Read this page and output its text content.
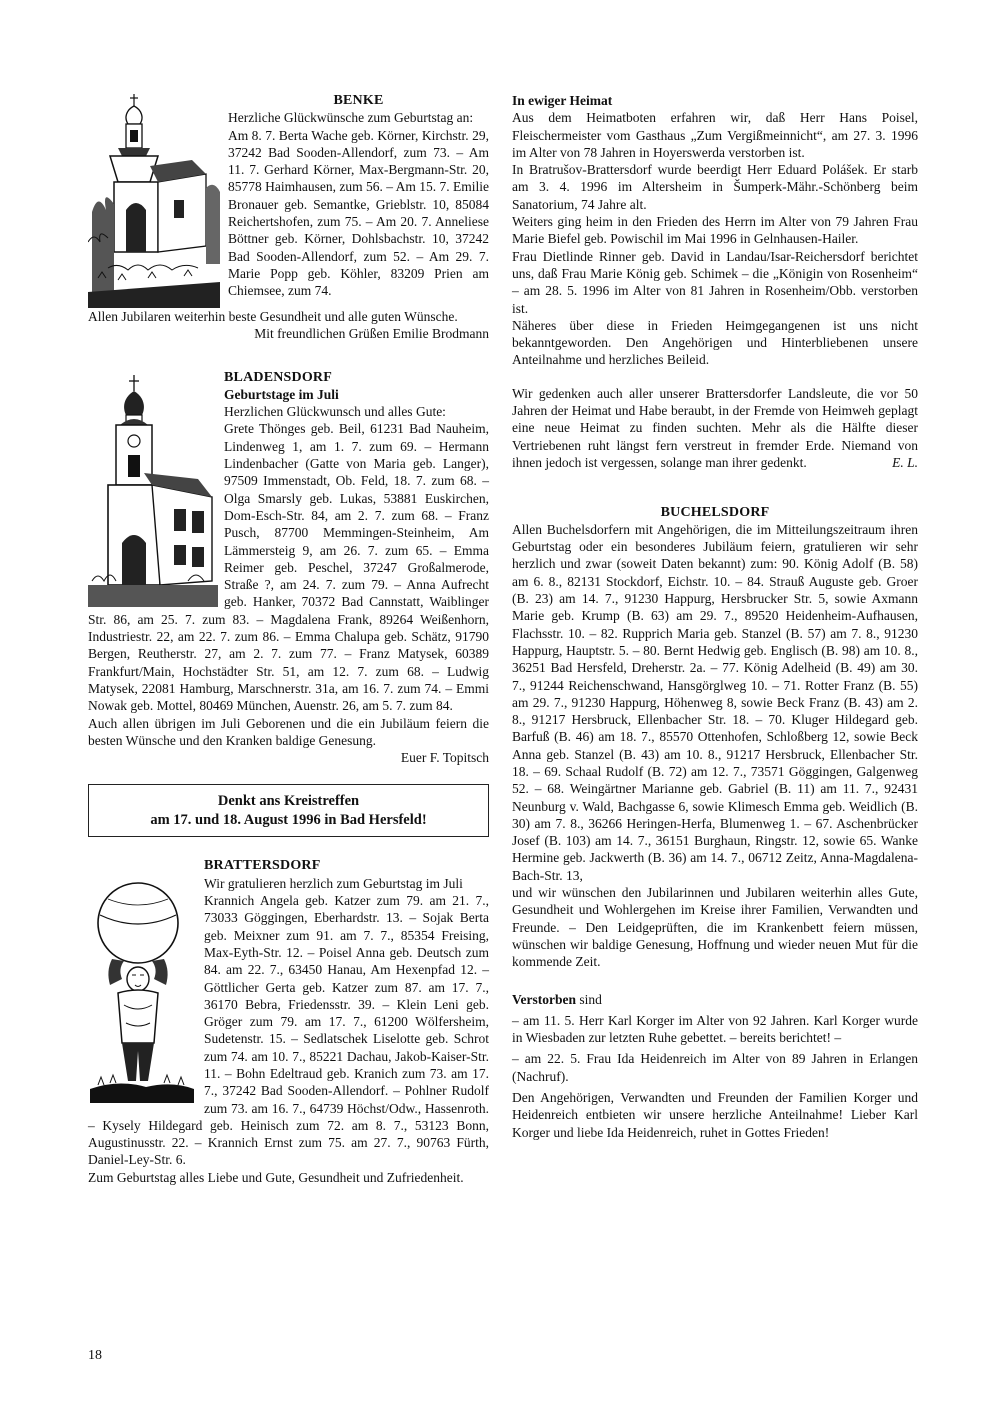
BENKE

Herzliche Glückwünsche zum Geburtstag an:

Am 8. 7. Berta Wache geb. Körner, Kirchstr. 29, 37242 Bad Sooden-Allendorf, zum 73. – Am 11. 7. Gerhard Körner, Max-Bergmann-Str. 20, 85778 Haimhausen, zum 56. – Am 15. 7. Emilie Bronauer geb. Semantke, Grieblstr. 10, 85084 Reichertshofen, zum 75. – Am 20. 7. Anneliese Böttner geb. Körner, Dohlsbachstr. 10, 37242 Bad Sooden-Allendorf, zum 52. – Am 29. 7. Marie Popp geb. Köhler, 83209 Prien am Chiemsee, zum 74.

Allen Jubilaren weiterhin beste Gesundheit und alle guten Wünsche.

Mit freundlichen Grüßen Emilie Brodmann

BLADENSDORF

Geburtstage im Juli

Herzlichen Glückwunsch und alles Gute:

Grete Thönges geb. Beil, 61231 Bad Nauheim, Lindenweg 1, am 1. 7. zum 69. – Hermann Lindenbacher (Gatte von Maria geb. Langer), 97509 Immenstadt, Ob. Feld, 18. 7. zum 68. – Olga Smarsly geb. Lukas, 53881 Euskirchen, Dom-Esch-Str. 84, am 2. 7. zum 68. – Franz Pusch, 87700 Memmingen-Steinheim, Am Lämmersteig 9, am 26. 7. zum 65. – Emma Reimer geb. Peschel, 37247 Großalmerode, Straße ?, am 24. 7. zum 79. – Anna Aufrecht geb. Hanker, 70372 Bad Cannstatt, Waiblinger Str. 86, am 25. 7. zum 83. – Magdalena Frank, 89264 Weißenhorn, Industriestr. 22, am 22. 7. zum 86. – Emma Chalupa geb. Schätz, 91790 Bergen, Reutherstr. 27, am 2. 7. zum 77. – Franz Matysek, 60389 Frankfurt/Main, Hochstädter Str. 51, am 12. 7. zum 68. – Ludwig Matysek, 22081 Hamburg, Marschnerstr. 31a, am 16. 7. zum 74. – Emmi Nowak geb. Mottel, 80469 München, Auenstr. 26, am 5. 7. zum 84.

Auch allen übrigen im Juli Geborenen und die ein Jubiläum feiern die besten Wünsche und den Kranken baldige Genesung.

Euer F. Topitsch

Denkt ans Kreistreffen
am 17. und 18. August 1996 in Bad Hersfeld!

BRATTERSDORF

Wir gratulieren herzlich zum Geburtstag im Juli

Krannich Angela geb. Katzer zum 79. am 21. 7., 73033 Göggingen, Eberhardstr. 13. – Sojak Berta geb. Meixner zum 91. am 7. 7., 85354 Freising, Max-Eyth-Str. 12. – Poisel Anna geb. Deutsch zum 84. am 22. 7., 63450 Hanau, Am Hexenpfad 12. – Göttlicher Gerta geb. Katzer zum 87. am 17. 7., 36170 Bebra, Friedensstr. 39. – Klein Leni geb. Gröger zum 79. am 17. 7., 61200 Wölfersheim, Sudetenstr. 15. – Sedlatschek Liselotte geb. Schrot zum 74. am 10. 7., 85221 Dachau, Jakob-Kaiser-Str. 11. – Bohn Edeltraud geb. Kranich zum 73. am 17. 7., 37242 Bad Sooden-Allendorf. – Pohlner Rudolf zum 73. am 16. 7., 64739 Höchst/Odw., Hassenroth. – Kysely Hildegard geb. Heinisch zum 72. am 8. 7., 53123 Bonn, Augustinusstr. 22. – Krannich Ernst zum 75. am 27. 7., 90763 Fürth, Daniel-Ley-Str. 6.

Zum Geburtstag alles Liebe und Gute, Gesundheit und Zufriedenheit.

In ewiger Heimat

Aus dem Heimatboten erfahren wir, daß Herr Hans Poisel, Fleischermeister vom Gasthaus „Zum Vergißmeinnicht“, am 27. 3. 1996 im Alter von 78 Jahren in Hoyerswerda verstorben ist.

In Bratrušov-Brattersdorf wurde beerdigt Herr Eduard Polášek. Er starb am 3. 4. 1996 im Altersheim in Šumperk-Mähr.-Schönberg beim Sanatorium, 74 Jahre alt.

Weiters ging heim in den Frieden des Herrn im Alter von 79 Jahren Frau Marie Biefel geb. Powischil im Mai 1996 in Gelnhausen-Hailer.

Frau Dietlinde Rinner geb. David in Landau/Isar-Reichersdorf berichtet uns, daß Frau Marie König geb. Schimek – die „Königin von Rosenheim“ – am 28. 5. 1996 im Alter von 81 Jahren in Rosenheim/Obb. verstorben ist.

Näheres über diese in Frieden Heimgegangenen ist uns nicht bekanntgeworden. Den Angehörigen und Hinterbliebenen unsere Anteilnahme und herzliches Beileid.

Wir gedenken auch aller unserer Brattersdorfer Landsleute, die vor 50 Jahren der Heimat und Habe beraubt, in der Fremde von Heimweh geplagt eine neue Heimat zu finden suchten. Mehr als die Hälfte dieser Vertriebenen ruht längst fern verstreut in fremder Erde. Niemand von ihnen jedoch ist vergessen, solange man ihrer gedenkt.	E. L.

BUCHELSDORF

Allen Buchelsdorfern mit Angehörigen, die im Mitteilungszeitraum ihren Geburtstag oder ein besonderes Jubiläum feiern, gratulieren wir sehr herzlich und zwar (soweit Daten bekannt) zum: 90. König Adolf (B. 58) am 6. 8., 82131 Stockdorf, Eichstr. 10. – 84. Strauß Auguste geb. Groer (B. 23) am 14. 7., 91230 Happurg, Hersbrucker Str. 5, sowie Axmann Marie geb. Krump (B. 63) am 29. 7., 89520 Heidenheim-Aufhausen, Flachsstr. 10. – 82. Rupprich Maria geb. Stanzel (B. 57) am 7. 8., 91230 Happurg, Hauptstr. 5. – 80. Bernt Hedwig geb. Englisch (B. 98) am 10. 8., 36251 Bad Hersfeld, Dreherstr. 2a. – 77. König Adelheid (B. 49) am 30. 7., 91244 Reichenschwand, Hansgörglweg 10. – 71. Rotter Franz (B. 55) am 29. 7., 91230 Happurg, Höhenweg 8, sowie Beck Franz (B. 43) am 2. 8., 91217 Hersbruck, Ellenbacher Str. 18. – 70. Kluger Hildegard geb. Barfuß (B. 46) am 18. 7., 85570 Ottenhofen, Schloßberg 12, sowie Beck Anna geb. Stanzel (B. 43) am 10. 8., 91217 Hersbruck, Ellenbacher Str. 18. – 69. Schaal Rudolf (B. 72) am 12. 7., 73571 Göggingen, Galgenweg 52. – 68. Weingärtner Marianne geb. Gabriel (B. 11) am 11. 7., 92431 Neunburg v. Wald, Bachgasse 6, sowie Klimesch Emma geb. Weidlich (B. 30) am 7. 8., 36266 Heringen-Herfa, Blumenweg 1. – 67. Aschenbrücker Josef (B. 103) am 14. 7., 36151 Burghaun, Ringstr. 12, sowie 65. Wanke Hermine geb. Jackwerth (B. 36) am 14. 7., 06712 Zeitz, Anna-Magdalena-Bach-Str. 13,

und wir wünschen den Jubilarinnen und Jubilaren weiterhin alles Gute, Gesundheit und Wohlergehen im Kreise ihrer Familien, Verwandten und Freunde. – Den Leidgeprüften, die im Krankenbett feiern müssen, wünschen wir baldige Genesung, Hoffnung und wieder neuen Mut für die kommende Zeit.

Verstorben sind

– am 11. 5. Herr Karl Korger im Alter von 92 Jahren. Karl Korger wurde in Wiesbaden zur letzten Ruhe gebettet. – bereits berichtet! –

– am 22. 5. Frau Ida Heidenreich im Alter von 89 Jahren in Erlangen (Nachruf).

Den Angehörigen, Verwandten und Freunden der Familien Korger und Heidenreich entbieten wir unsere herzliche Anteilnahme! Lieber Karl Korger und liebe Ida Heidenreich, ruhet in Gottes Frieden!

18
